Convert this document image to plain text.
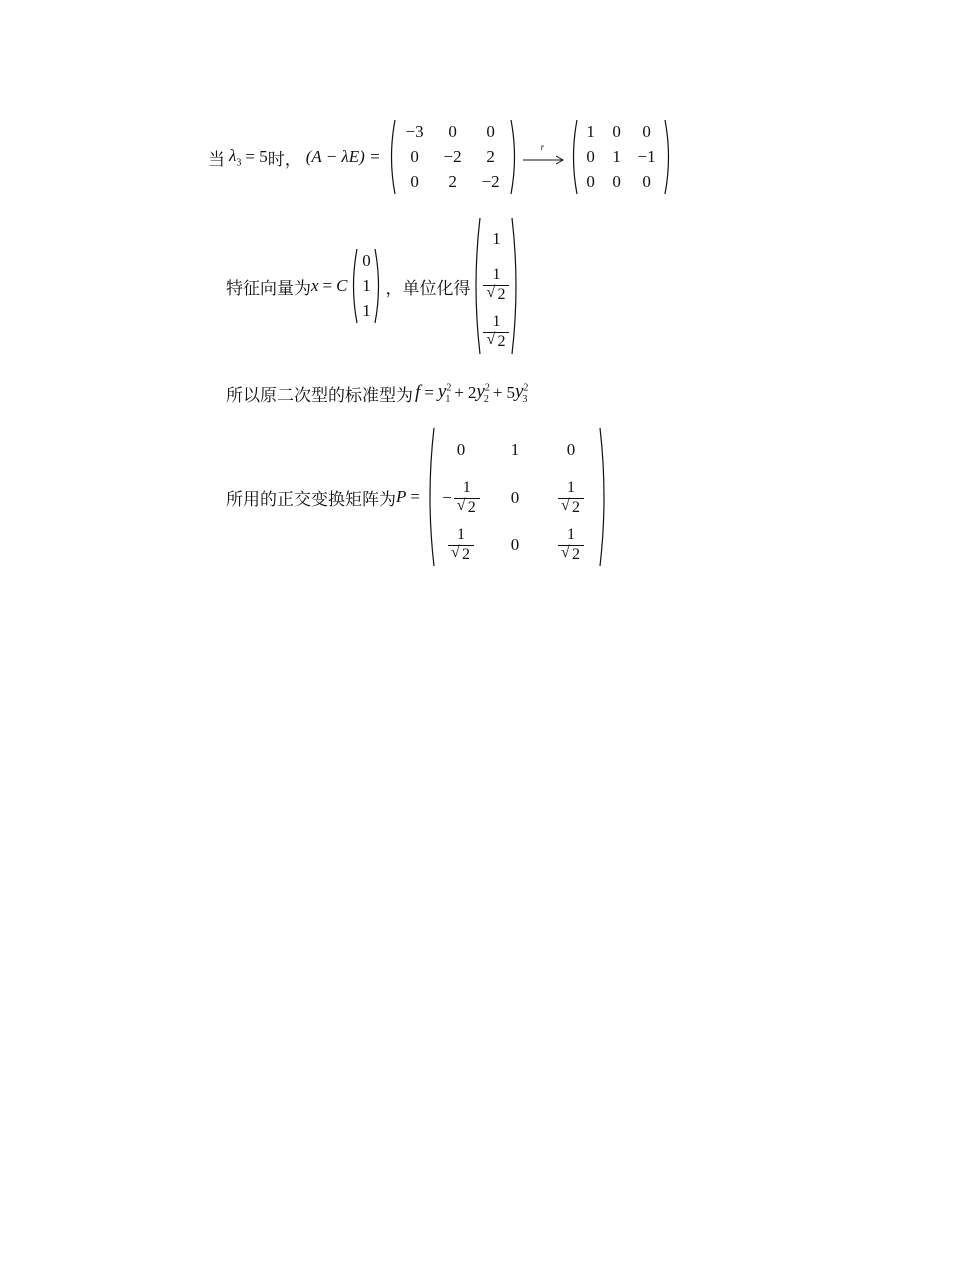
当 $\lambda_3 = 5$ 时， (A − λE) =
−3 0 0
0 −2 2
0 2 −2
r
1 0 0
0 1 −1
0 0 0
特征向量为 x = C
0
1
1
，单位化得
1
1
√ 2
1
√ 2
所以原二次型的标准型为 $f = y^2_1 + 2$ $y^2_2 + 5$ $y^2_3$
所用的正交变换矩阵为 P =
0	1	0
− 1
√ 2 0 1
√ 2
1
√ 2 0 1
√ 2
